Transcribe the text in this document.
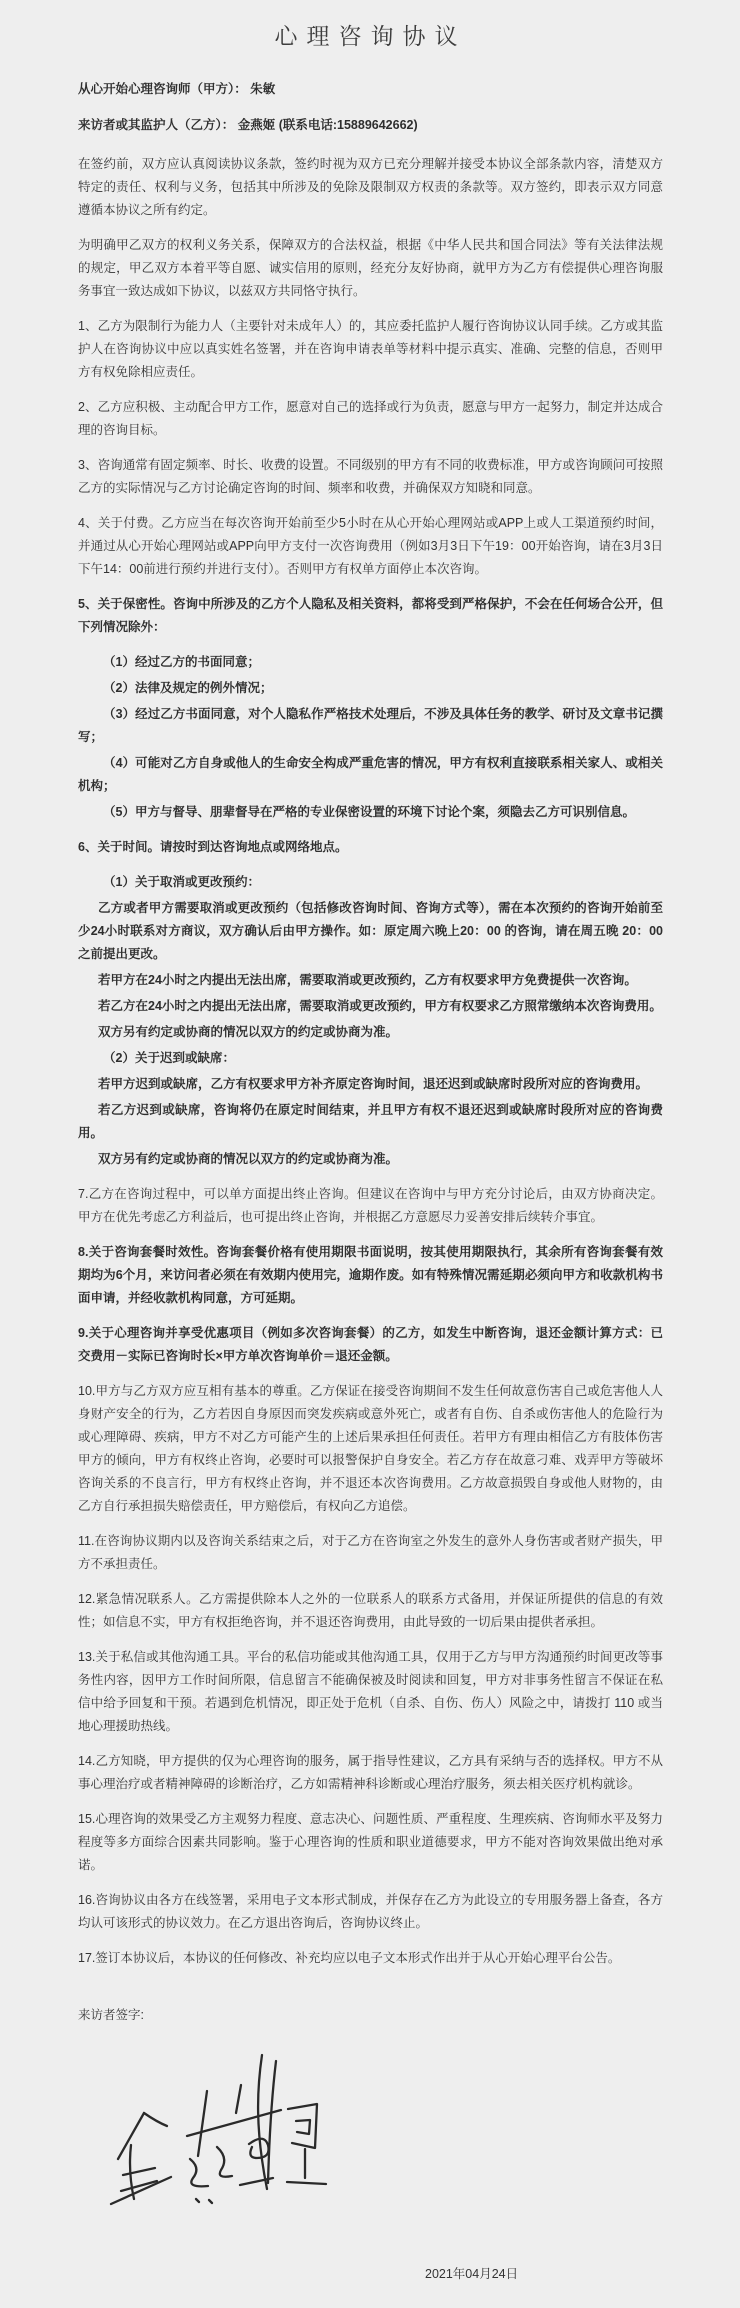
心理咨询协议
从心开始心理咨询师（甲方）： 朱敏
来访者或其监护人（乙方）： 金燕姬 (联系电话:15889642662)

在签约前，双方应认真阅读协议条款，签约时视为双方已充分理解并接受本协议全部条款内容，清楚双方特定的责任、权利与义务，包括其中所涉及的免除及限制双方权责的条款等。双方签约，即表示双方同意遵循本协议之所有约定。

为明确甲乙双方的权利义务关系，保障双方的合法权益，根据《中华人民共和国合同法》等有关法律法规的规定，甲乙双方本着平等自愿、诚实信用的原则，经充分友好协商，就甲方为乙方有偿提供心理咨询服务事宜一致达成如下协议，以兹双方共同恪守执行。

1、乙方为限制行为能力人（主要针对未成年人）的，其应委托监护人履行咨询协议认同手续。乙方或其监护人在咨询协议中应以真实姓名签署，并在咨询申请表单等材料中提示真实、准确、完整的信息，否则甲方有权免除相应责任。

2、乙方应积极、主动配合甲方工作，愿意对自己的选择或行为负责，愿意与甲方一起努力，制定并达成合理的咨询目标。

3、咨询通常有固定频率、时长、收费的设置。不同级别的甲方有不同的收费标准，甲方或咨询顾问可按照乙方的实际情况与乙方讨论确定咨询的时间、频率和收费，并确保双方知晓和同意。

4、关于付费。乙方应当在每次咨询开始前至少5小时在从心开始心理网站或APP上或人工渠道预约时间，并通过从心开始心理网站或APP向甲方支付一次咨询费用（例如3月3日下午19：00开始咨询，请在3月3日下午14：00前进行预约并进行支付）。否则甲方有权单方面停止本次咨询。

5、关于保密性。咨询中所涉及的乙方个人隐私及相关资料，都将受到严格保护，不会在任何场合公开，但下列情况除外：

（1）经过乙方的书面同意；

（2）法律及规定的例外情况；

（3）经过乙方书面同意，对个人隐私作严格技术处理后，不涉及具体任务的教学、研讨及文章书记撰写；

（4）可能对乙方自身或他人的生命安全构成严重危害的情况，甲方有权利直接联系相关家人、或相关机构；

（5）甲方与督导、朋辈督导在严格的专业保密设置的环境下讨论个案，须隐去乙方可识别信息。

6、关于时间。请按时到达咨询地点或网络地点。

（1）关于取消或更改预约：

乙方或者甲方需要取消或更改预约（包括修改咨询时间、咨询方式等），需在本次预约的咨询开始前至少24小时联系对方商议，双方确认后由甲方操作。如：原定周六晚上20：00 的咨询，请在周五晚 20：00 之前提出更改。

若甲方在24小时之内提出无法出席，需要取消或更改预约，乙方有权要求甲方免费提供一次咨询。

若乙方在24小时之内提出无法出席，需要取消或更改预约，甲方有权要求乙方照常缴纳本次咨询费用。

双方另有约定或协商的情况以双方的约定或协商为准。

（2）关于迟到或缺席：

若甲方迟到或缺席，乙方有权要求甲方补齐原定咨询时间，退还迟到或缺席时段所对应的咨询费用。

若乙方迟到或缺席，咨询将仍在原定时间结束，并且甲方有权不退还迟到或缺席时段所对应的咨询费用。

双方另有约定或协商的情况以双方的约定或协商为准。

7.乙方在咨询过程中，可以单方面提出终止咨询。但建议在咨询中与甲方充分讨论后，由双方协商决定。甲方在优先考虑乙方利益后，也可提出终止咨询，并根据乙方意愿尽力妥善安排后续转介事宜。

8.关于咨询套餐时效性。咨询套餐价格有使用期限书面说明，按其使用期限执行，其余所有咨询套餐有效期均为6个月，来访问者必须在有效期内使用完，逾期作废。如有特殊情况需延期必须向甲方和收款机构书面申请，并经收款机构同意，方可延期。

9.关于心理咨询并享受优惠项目（例如多次咨询套餐）的乙方，如发生中断咨询，退还金额计算方式：已交费用－实际已咨询时长×甲方单次咨询单价＝退还金额。

10.甲方与乙方双方应互相有基本的尊重。乙方保证在接受咨询期间不发生任何故意伤害自己或危害他人人身财产安全的行为，乙方若因自身原因而突发疾病或意外死亡，或者有自伤、自杀或伤害他人的危险行为或心理障碍、疾病，甲方不对乙方可能产生的上述后果承担任何责任。若甲方有理由相信乙方有肢体伤害甲方的倾向，甲方有权终止咨询，必要时可以报警保护自身安全。若乙方存在故意刁难、戏弄甲方等破坏咨询关系的不良言行，甲方有权终止咨询，并不退还本次咨询费用。乙方故意损毁自身或他人财物的，由乙方自行承担损失赔偿责任，甲方赔偿后，有权向乙方追偿。

11.在咨询协议期内以及咨询关系结束之后，对于乙方在咨询室之外发生的意外人身伤害或者财产损失，甲方不承担责任。

12.紧急情况联系人。乙方需提供除本人之外的一位联系人的联系方式备用，并保证所提供的信息的有效性；如信息不实，甲方有权拒绝咨询，并不退还咨询费用，由此导致的一切后果由提供者承担。

13.关于私信或其他沟通工具。平台的私信功能或其他沟通工具，仅用于乙方与甲方沟通预约时间更改等事务性内容，因甲方工作时间所限，信息留言不能确保被及时阅读和回复，甲方对非事务性留言不保证在私信中给予回复和干预。若遇到危机情况，即正处于危机（自杀、自伤、伤人）风险之中，请拨打 110 或当地心理援助热线。

14.乙方知晓，甲方提供的仅为心理咨询的服务，属于指导性建议，乙方具有采纳与否的选择权。甲方不从事心理治疗或者精神障碍的诊断治疗，乙方如需精神科诊断或心理治疗服务，须去相关医疗机构就诊。

15.心理咨询的效果受乙方主观努力程度、意志决心、问题性质、严重程度、生理疾病、咨询师水平及努力程度等多方面综合因素共同影响。鉴于心理咨询的性质和职业道德要求，甲方不能对咨询效果做出绝对承诺。

16.咨询协议由各方在线签署，采用电子文本形式制成，并保存在乙方为此设立的专用服务器上备查，各方均认可该形式的协议效力。在乙方退出咨询后，咨询协议终止。

17.签订本协议后，本协议的任何修改、补充均应以电子文本形式作出并于从心开始心理平台公告。

来访者签字:
2021年04月24日
